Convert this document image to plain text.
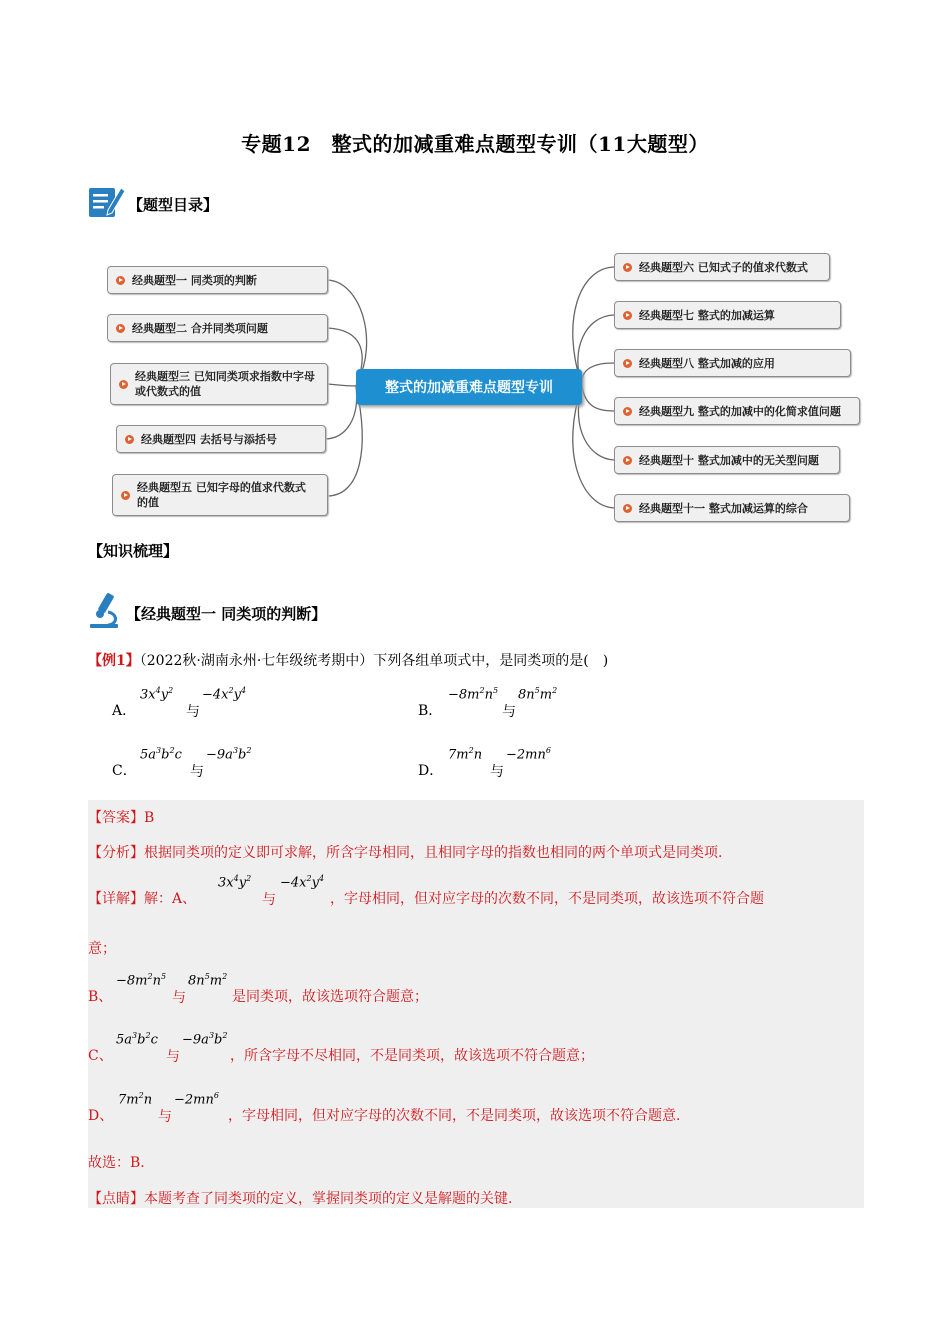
专题12　整式的加减重难点题型专训（11大题型）
【题型目录】
整式的加减重难点题型专训
经典题型一 同类项的判断
经典题型二 合并同类项问题
经典题型三 已知同类项求指数中字母或代数式的值
经典题型四 去括号与添括号
经典题型五 已知字母的值求代数式的值
经典题型六 已知式子的值求代数式
经典题型七 整式的加减运算
经典题型八 整式加减的应用
经典题型九 整式的加减中的化简求值问题
经典题型十 整式加减中的无关型问题
经典题型十一 整式加减运算的综合
【知识梳理】
【经典题型一 同类项的判断】
【例1】（2022秋·湖南永州·七年级统考期中）下列各组单项式中，是同类项的是(　)
A．
$3x^4y^2$
与
$-4x^2y^4$
B．
$-8m^2n^5$
与
$8n^5m^2$
C．
$5a^3b^2c$
与
$-9a^3b^2$
D．
$7m^2n$
与
$-2mn^6$
【答案】B
【分析】根据同类项的定义即可求解，所含字母相同，且相同字母的指数也相同的两个单项式是同类项.
【详解】解：A、
$3x^4y^2$
与
$-4x^2y^4$
，字母相同，但对应字母的次数不同，不是同类项，故该选项不符合题
意；
B、
$-8m^2n^5$
与
$8n^5m^2$
是同类项，故该选项符合题意；
C、
$5a^3b^2c$
与
$-9a^3b^2$
，所含字母不尽相同，不是同类项，故该选项不符合题意；
D、
$7m^2n$
与
$-2mn^6$
，字母相同，但对应字母的次数不同，不是同类项，故该选项不符合题意.
故选：B.
【点睛】本题考查了同类项的定义，掌握同类项的定义是解题的关键.
